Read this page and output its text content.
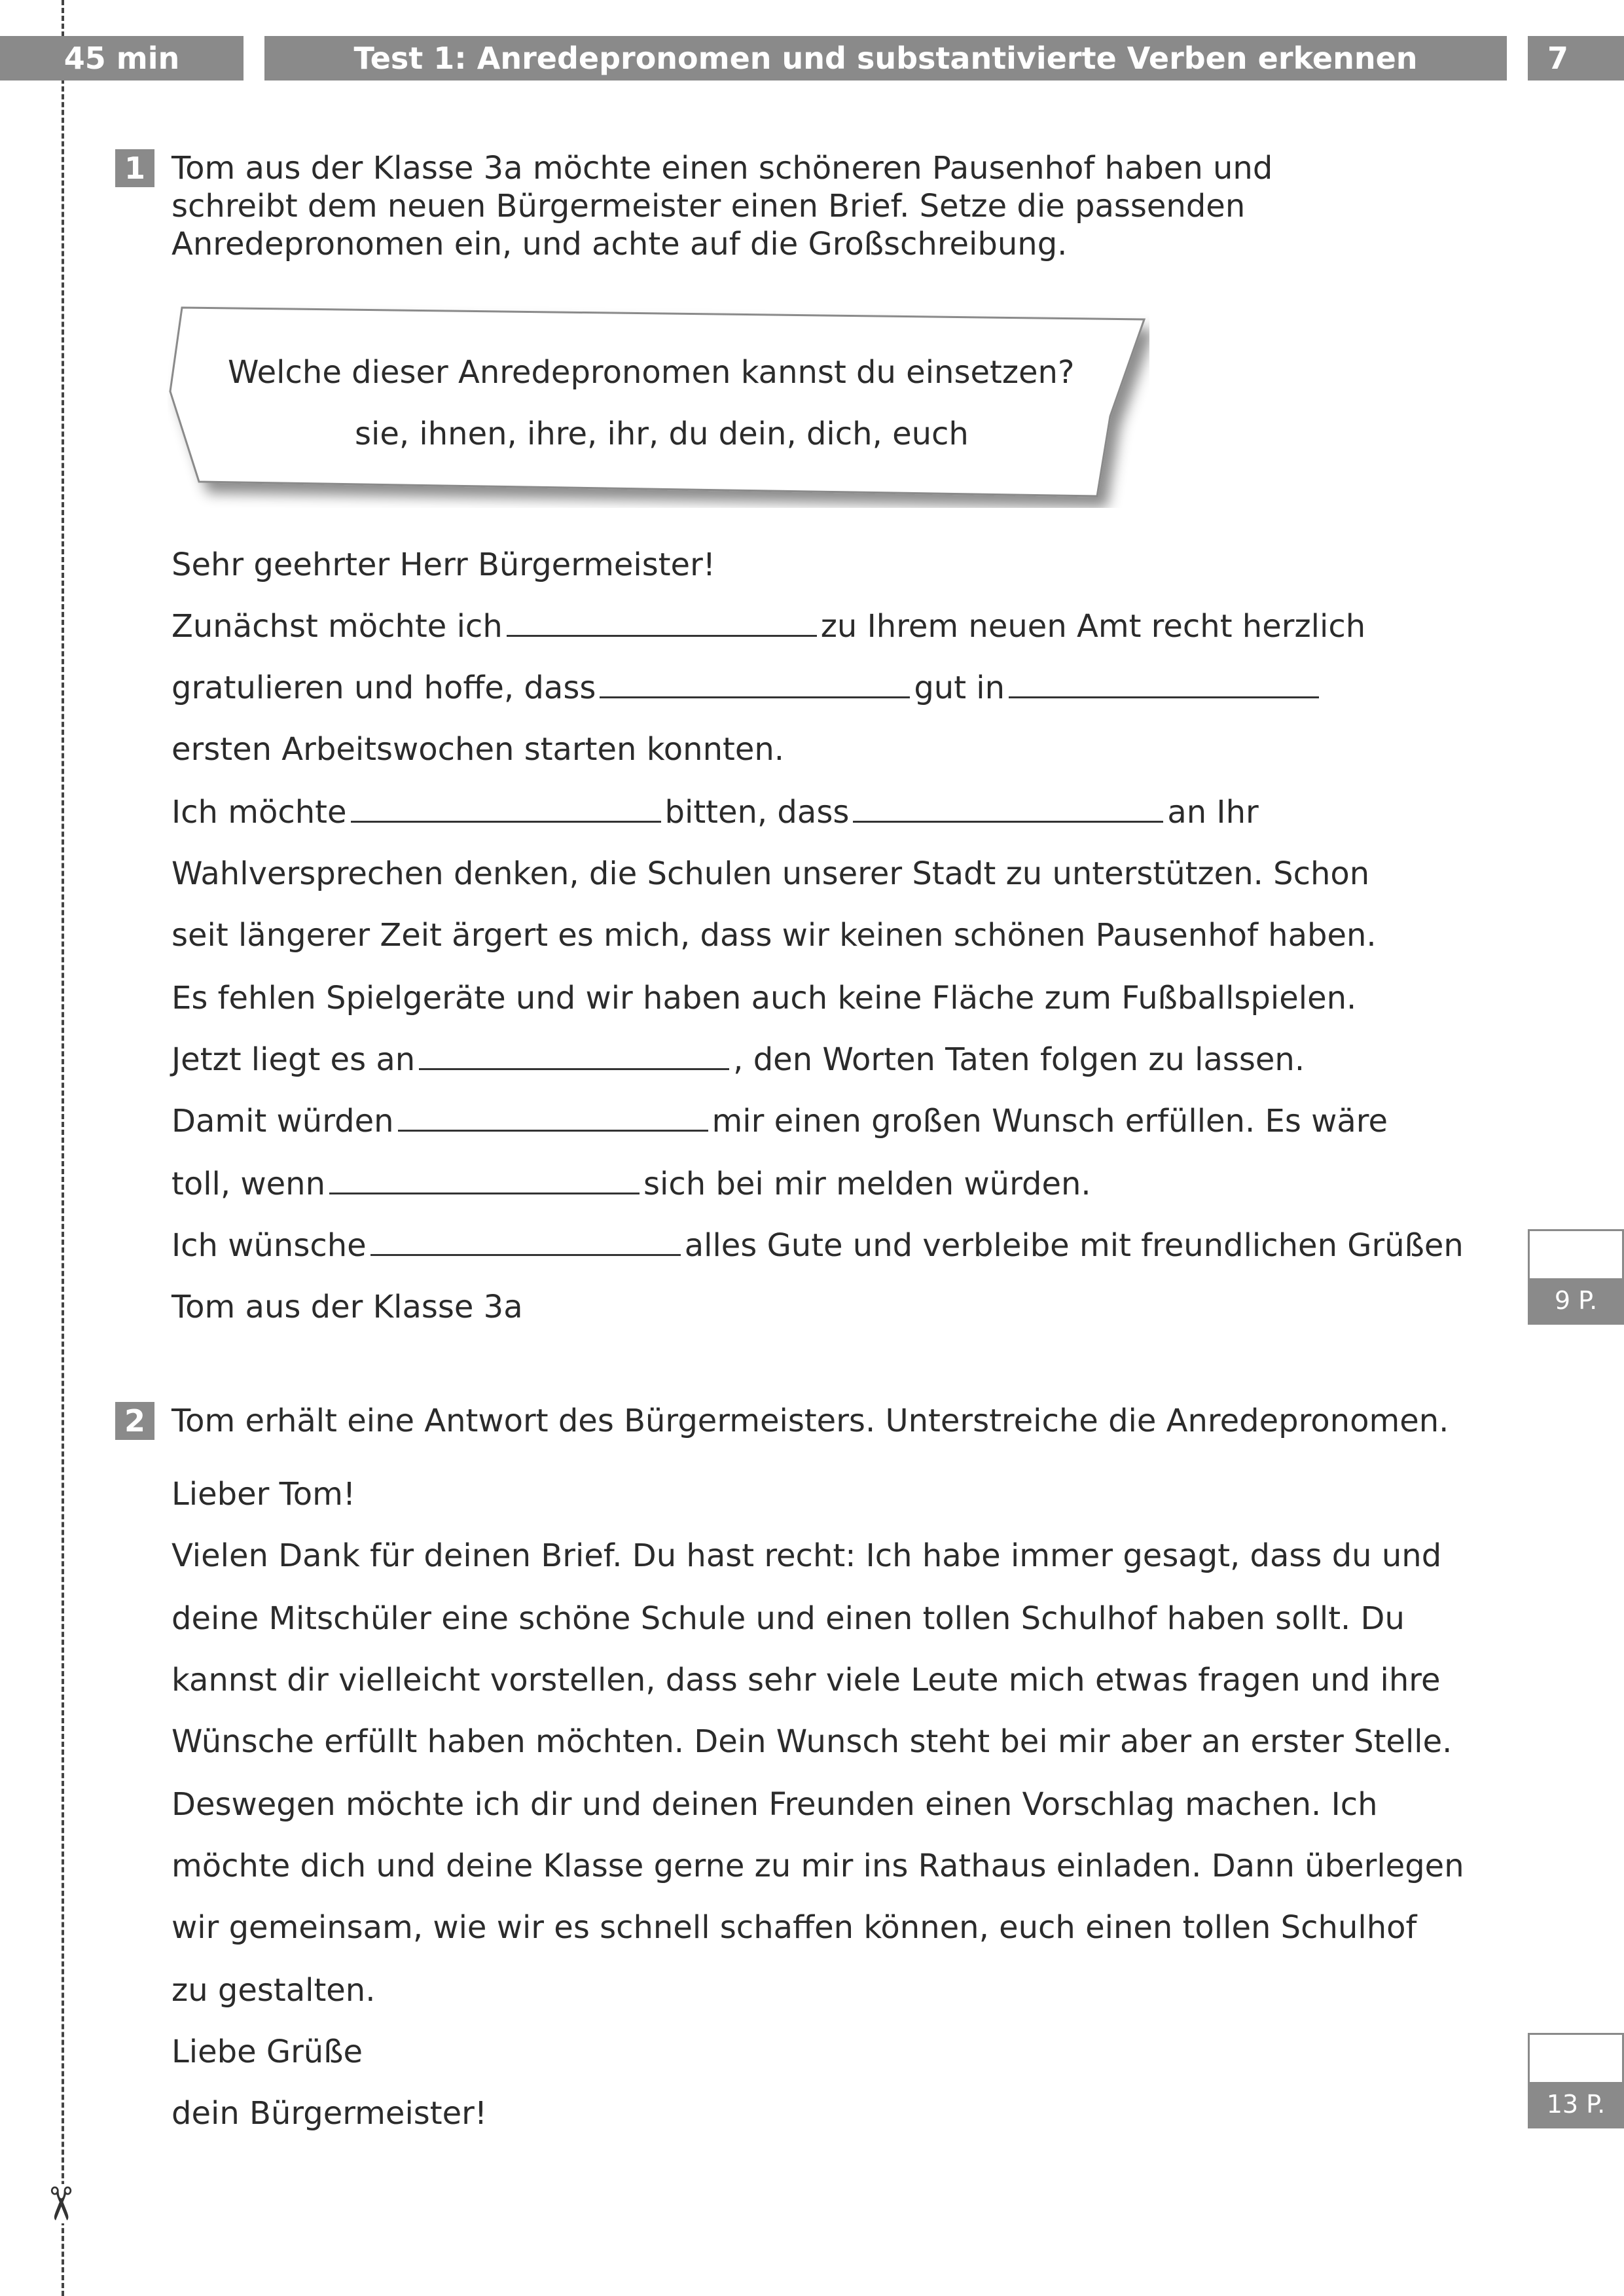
✂
45 min	Test 1: Anredepronomen und substantivierte Verben erkennen	7
1 Tom aus der Klasse 3a möchte einen schöneren Pausenhof haben und
schreibt dem neuen Bürgermeister einen Brief. Setze die passenden
Anredepronomen ein, und achte auf die Großschreibung.
Welche dieser Anredepronomen kannst du einsetzen?
sie, ihnen, ihre, ihr, du dein, dich, euch
Sehr geehrter Herr Bürgermeister!
Zunächst möchte ich	zu Ihrem neuen Amt recht herzlich
gratulieren und hoffe, dass	gut in
ersten Arbeitswochen starten konnten.
Ich möchte	bitten, dass	an Ihr
Wahlversprechen denken, die Schulen unserer Stadt zu unterstützen. Schon
seit längerer Zeit ärgert es mich, dass wir keinen schönen Pausenhof haben.
Es fehlen Spielgeräte und wir haben auch keine Fläche zum Fußballspielen.
Jetzt liegt es an	, den Worten Taten folgen zu lassen.
Damit würden	mir einen großen Wunsch erfüllen. Es wäre
toll, wenn	sich bei mir melden würden.
Ich wünsche	alles Gute und verbleibe mit freundlichen Grüßen
Tom aus der Klasse 3a	9 P.
2 Tom erhält eine Antwort des Bürgermeisters. Unterstreiche die Anredepronomen.
Lieber Tom!
Vielen Dank für deinen Brief. Du hast recht: Ich habe immer gesagt, dass du und
deine Mitschüler eine schöne Schule und einen tollen Schulhof haben sollt. Du
kannst dir vielleicht vorstellen, dass sehr viele Leute mich etwas fragen und ihre
Wünsche erfüllt haben möchten. Dein Wunsch steht bei mir aber an erster Stelle.
Deswegen möchte ich dir und deinen Freunden einen Vorschlag machen. Ich
möchte dich und deine Klasse gerne zu mir ins Rathaus einladen. Dann überlegen
wir gemeinsam, wie wir es schnell schaffen können, euch einen tollen Schulhof
zu gestalten.
Liebe Grüße
dein Bürgermeister!	13 P.
